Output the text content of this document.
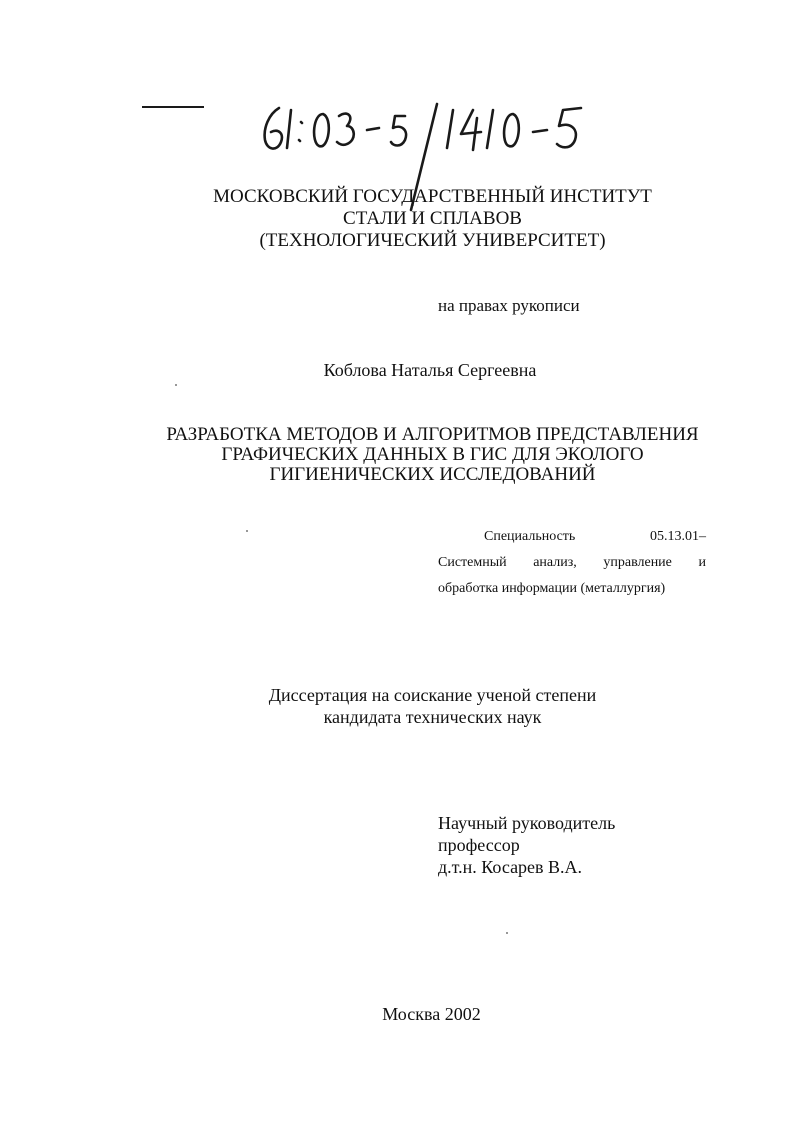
МОСКОВСКИЙ ГОСУДАРСТВЕННЫЙ ИНСТИТУТ
СТАЛИ И СПЛАВОВ
(ТЕХНОЛОГИЧЕСКИЙ УНИВЕРСИТЕТ)
на правах рукописи
Коблова Наталья Сергеевна
РАЗРАБОТКА МЕТОДОВ И АЛГОРИТМОВ ПРЕДСТАВЛЕНИЯ
ГРАФИЧЕСКИХ ДАННЫХ В ГИС ДЛЯ ЭКОЛОГО
ГИГИЕНИЧЕСКИХ ИССЛЕДОВАНИЙ
Специальность	05.13.01 –
Системный анализ, управление и
обработка информации (металлургия)
Диссертация на соискание ученой степени
кандидата технических наук
Научный руководитель
профессор
д.т.н. Косарев В.А.
Москва 2002
